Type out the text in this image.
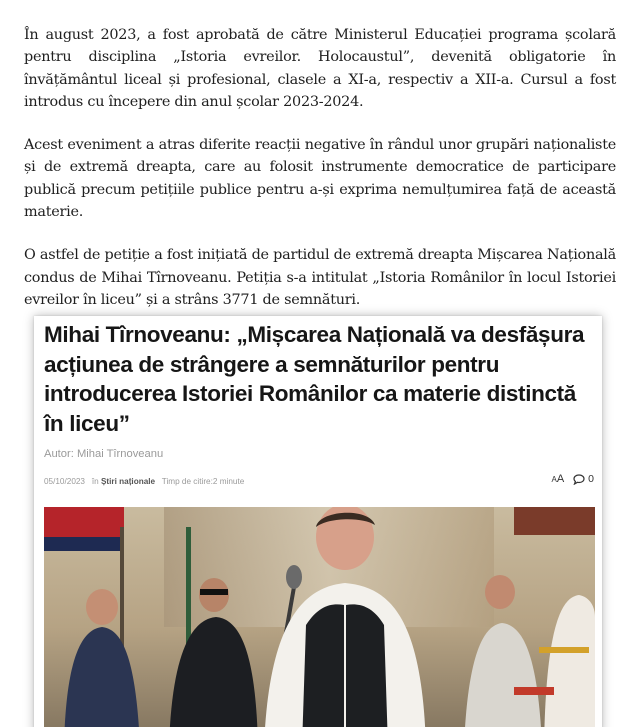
În august 2023, a fost aprobată de către Ministerul Educației programa școlară pentru disciplina „Istoria evreilor. Holocaustul”, devenită obligatorie în învățământul liceal și profesional, clasele a XI-a, respectiv a XII-a. Cursul a fost introdus cu începere din anul școlar 2023-2024.

Acest eveniment a atras diferite reacții negative în rândul unor grupări naționaliste și de extremă dreapta, care au folosit instrumente democratice de participare publică precum petițiile publice pentru a-și exprima nemulțumirea față de această materie.

O astfel de petiție a fost inițiată de partidul de extremă dreapta Mișcarea Națională condus de Mihai Tîrnoveanu. Petiția s-a intitulat „Istoria Românilor în locul Istoriei evreilor în liceu” și a strâns 3771 de semnături.

Mihai Tîrnoveanu: „Mișcarea Națională va desfășura acțiunea de strângere a semnăturilor pentru introducerea Istoriei Românilor ca materie distinctă în liceu”
Autor: Mihai Tîrnoveanu
05/10/2023 în Știri naționale Timp de citire:2 minute	AA 0
